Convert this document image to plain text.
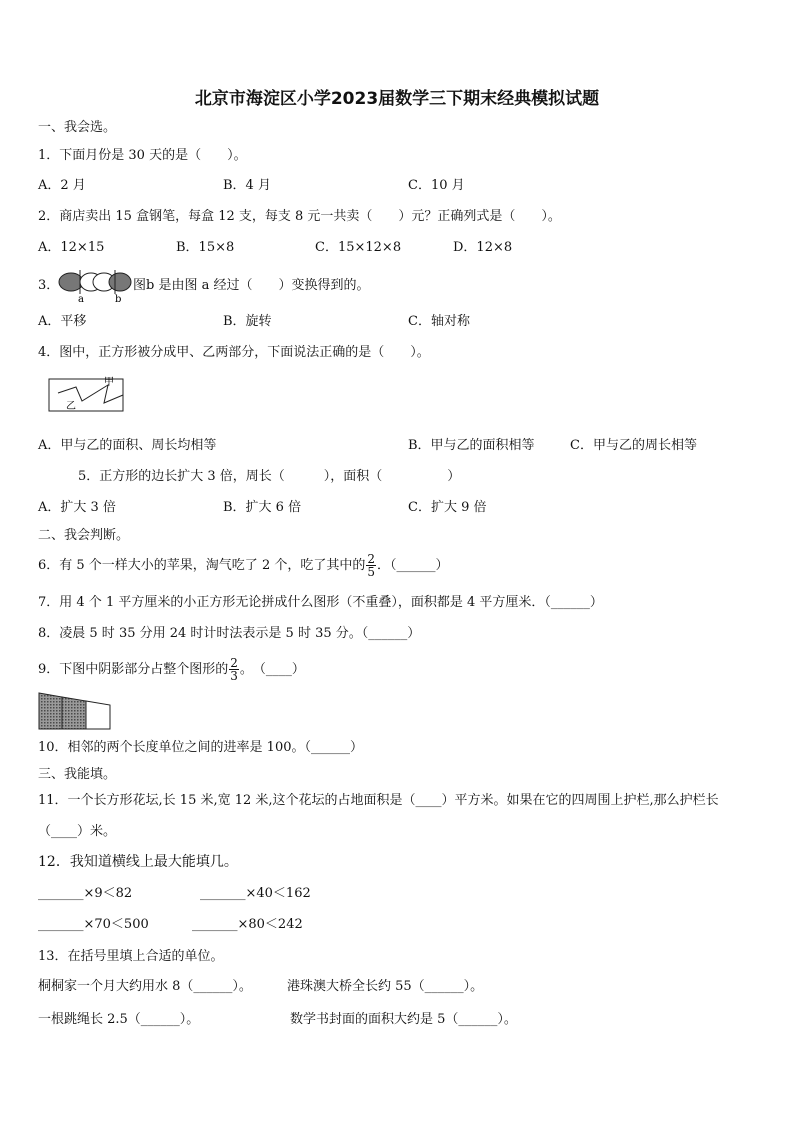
北京市海淀区小学2023届数学三下期末经典模拟试题
一、我会选。
1．下面月份是 30 天的是（　　）。
A．2 月	B．4 月	C．10 月
2．商店卖出 15 盒钢笔，每盒 12 支，每支 8 元一共卖（　　）元？正确列式是（　　）。
A．12×15	B．15×8	C．15×12×8	D．12×8
3．
a	b
图b 是由图 a 经过（　　）变换得到的。
A．平移	B．旋转	C．轴对称
4．图中，正方形被分成甲、乙两部分，下面说法正确的是（　　）。
甲
乙
A．甲与乙的面积、周长均相等	B．甲与乙的面积相等	C．甲与乙的周长相等
5．正方形的边长扩大 3 倍，周长（　　　），面积（　　　　　）
A．扩大 3 倍	B．扩大 6 倍	C．扩大 9 倍
二、我会判断。
6．有 5 个一样大小的苹果，淘气吃了 2 个，吃了其中的 $\frac{2}{5}$ ．（______）
7．用 4 个 1 平方厘米的小正方形无论拼成什么图形（不重叠），面积都是 4 平方厘米．（______）
8．凌晨 5 时 35 分用 24 时计时法表示是 5 时 35 分。（______）
9．下图中阴影部分占整个图形的 $\frac{2}{3}$ 。　（____）
10．相邻的两个长度单位之间的进率是 100。（______）
三、我能填。
11．一个长方形花坛,长 15 米,宽 12 米,这个花坛的占地面积是（____）平方米。如果在它的四周围上护栏,那么护栏长
（____）米。
12．我知道横线上最大能填几。
_______×9＜82	_______×40＜162
_______×70＜500	_______×80＜242
13．在括号里填上合适的单位。
桐桐家一个月大约用水 8（______）。	港珠澳大桥全长约 55（______）。
一根跳绳长 2.5（______）。	数学书封面的面积大约是 5（______）。
